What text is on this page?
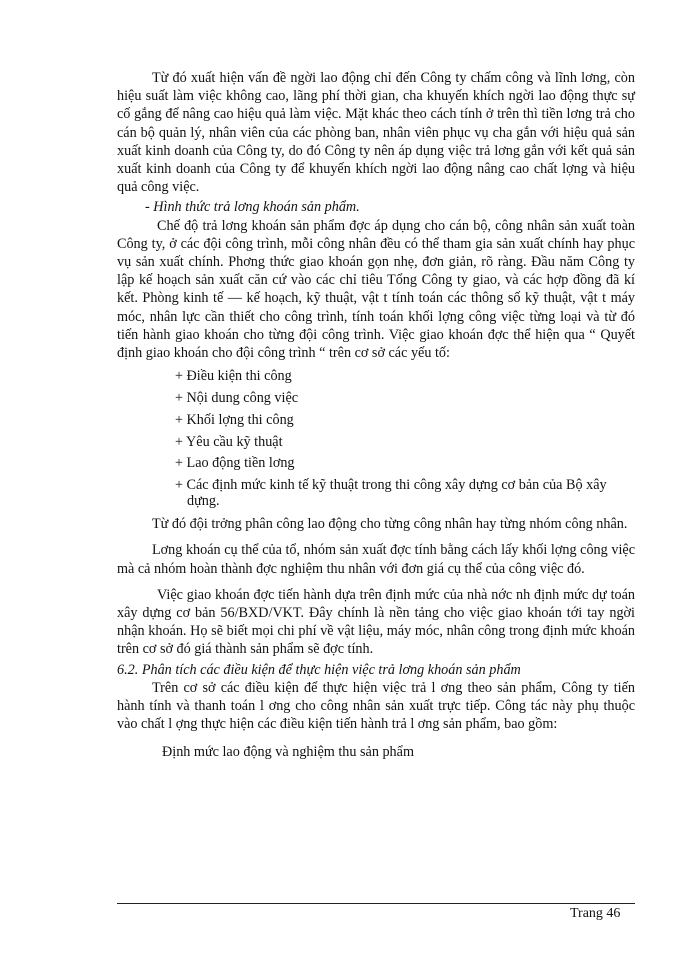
Từ đó xuất hiện vấn đề ngời lao động chỉ đến Công ty chấm công và lĩnh lơng, còn hiệu suất làm việc không cao, lãng phí thời gian, cha khuyến khích ngời lao động thực sự cố gắng để nâng cao hiệu quả làm việc. Mặt khác theo cách tính ở trên thì tiền lơng trả cho cán bộ quản lý, nhân viên của các phòng ban, nhân viên phục vụ cha gắn với hiệu quả sản xuất kinh doanh của Công ty, do đó Công ty nên áp dụng việc trả lơng gắn với kết quả sản xuất kinh doanh của Công ty để khuyến khích ngời lao động nâng cao chất lợng và hiệu quả công việc.

- Hình thức trả lơng khoán sản phẩm.

Chế độ trả lơng khoán sản phẩm đợc áp dụng cho cán bộ, công nhân sản xuất toàn Công ty, ở các đội công trình, mỗi công nhân đều có thể tham gia sản xuất chính hay phục vụ sản xuất chính. Phơng thức giao khoán gọn nhẹ, đơn giản, rõ ràng. Đầu năm Công ty lập kế hoạch sản xuất căn cứ vào các chỉ tiêu Tổng Công ty giao, và các hợp đồng đã kí kết. Phòng kinh tế — kế hoạch, kỹ thuật, vật t tính toán các thông số kỹ thuật, vật t máy móc, nhân lực cần thiết cho công trình, tính toán khối lợng công việc từng loại và từ đó tiến hành giao khoán cho từng đội công trình. Việc giao khoán đợc thể hiện qua “ Quyết định giao khoán cho đội công trình “ trên cơ sở các yếu tố:

+ Điều kiện thi công
+ Nội dung công việc
+ Khối lợng thi công
+ Yêu cầu kỹ thuật
+ Lao động tiền lơng
+ Các định mức kinh tế kỹ thuật trong thi công xây dựng cơ bản của Bộ xây dựng.

Từ đó đội trởng phân công lao động cho từng công nhân hay từng nhóm công nhân.

Lơng khoán cụ thể của tổ, nhóm sản xuất đợc tính bằng cách lấy khối lợng công việc mà cả nhóm hoàn thành đợc nghiệm thu nhân với đơn giá cụ thể của công việc đó.

Việc giao khoán đợc tiến hành dựa trên định mức của nhà nớc nh định mức dự toán xây dựng cơ bản 56/BXD/VKT. Đây chính là nền tảng cho việc giao khoán tới tay ngời nhận khoán. Họ sẽ biết mọi chi phí về vật liệu, máy móc, nhân công trong định mức khoán trên cơ sở đó giá thành sản phẩm sẽ đợc tính.

6.2. Phân tích các điều kiện để thực hiện việc trả lơng khoán sản phẩm

Trên cơ sở các điều kiện để thực hiện việc trả l ơng theo sản phẩm, Công ty tiến hành tính và thanh toán l ơng cho công nhân sản xuất trực tiếp. Công tác này phụ thuộc vào chất l ợng thực hiện các điều kiện tiến hành trả l ơng sản phẩm, bao gồm:

Định mức lao động và nghiệm thu sản phẩm

Trang 46
